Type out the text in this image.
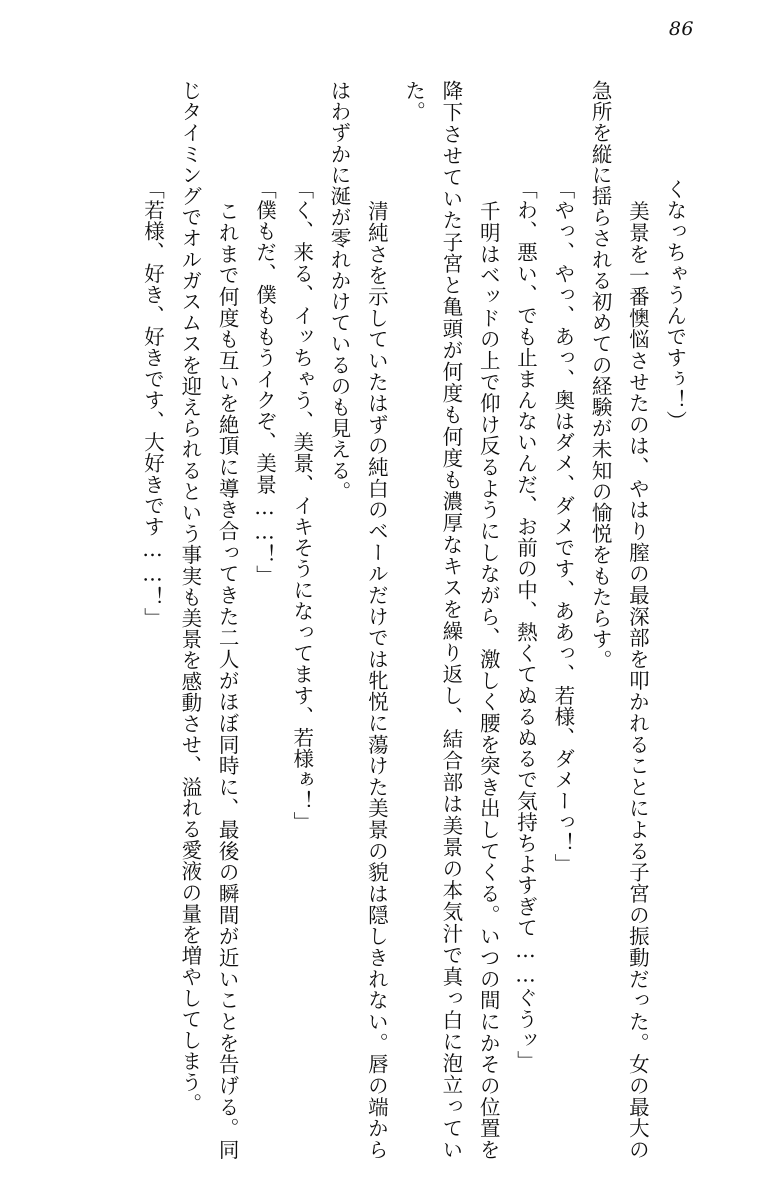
86

くなっちゃうんですぅ！）

　美景を一番懊悩させたのは、やはり膣の最深部を叩かれることによる子宮の振動だった。女の最大の急所を縦に揺らされる初めての経験が未知の愉悦をもたらす。

「やっ、やっ、あっ、奥はダメ、ダメです、ああっ、若様、ダメーっ！」

「わ、悪い、でも止まんないんだ、お前の中、熱くてぬるぬるで気持ちよすぎて……ぐうッ」

　千明はベッドの上で仰け反るようにしながら、激しく腰を突き出してくる。いつの間にかその位置を降下させていた子宮と亀頭が何度も何度も濃厚なキスを繰り返し、結合部は美景の本気汁で真っ白に泡立っていた。

　清純さを示していたはずの純白のベールだけでは牝悦に蕩けた美景の貌は隠しきれない。唇の端からはわずかに涎が零れかけているのも見える。

「く、来る、イッちゃう、美景、イキそうになってます、若様ぁ！」

「僕もだ、僕ももうイクぞ、美景……！」

　これまで何度も互いを絶頂に導き合ってきた二人がほぼ同時に、最後の瞬間が近いことを告げる。同じタイミングでオルガスムスを迎えられるという事実も美景を感動させ、溢れる愛液の量を増やしてしまう。

「若様、好き、好きです、大好きです……！」
